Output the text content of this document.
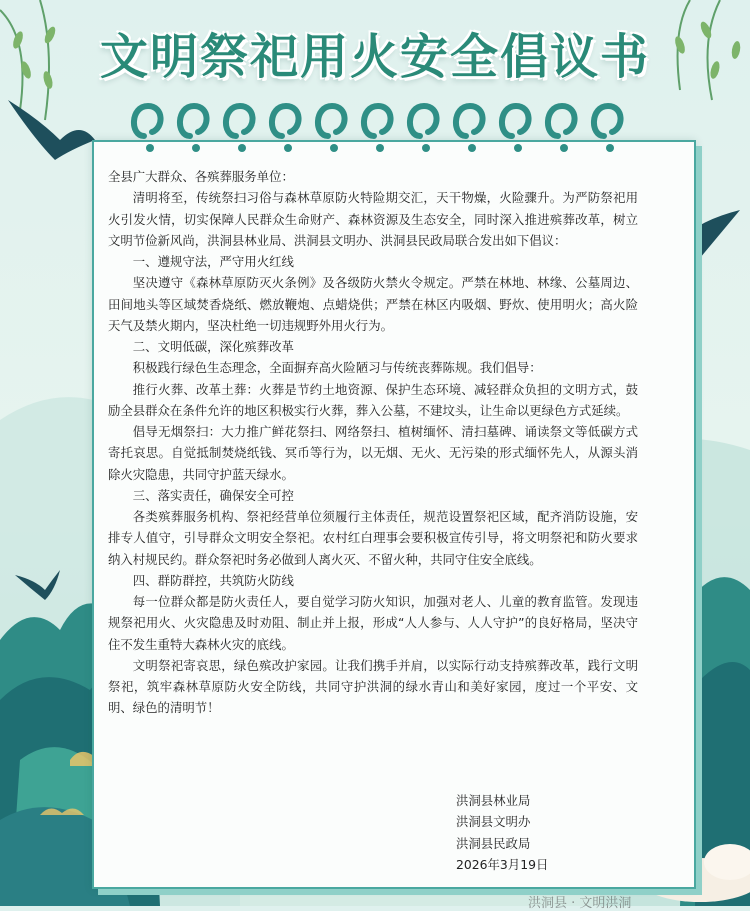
文明祭祀用火安全倡议书

全县广大群众、各殡葬服务单位：

清明将至，传统祭扫习俗与森林草原防火特险期交汇，天干物燥，火险骤升。为严防祭祀用火引发火情，切实保障人民群众生命财产、森林资源及生态安全，同时深入推进殡葬改革，树立文明节俭新风尚，洪洞县林业局、洪洞县文明办、洪洞县民政局联合发出如下倡议：

一、遵规守法，严守用火红线

坚决遵守《森林草原防灭火条例》及各级防火禁火令规定。严禁在林地、林缘、公墓周边、田间地头等区域焚香烧纸、燃放鞭炮、点蜡烧供；严禁在林区内吸烟、野炊、使用明火；高火险天气及禁火期内，坚决杜绝一切违规野外用火行为。

二、文明低碳，深化殡葬改革

积极践行绿色生态理念，全面摒弃高火险陋习与传统丧葬陈规。我们倡导：

推行火葬、改革土葬：火葬是节约土地资源、保护生态环境、减轻群众负担的文明方式，鼓励全县群众在条件允许的地区积极实行火葬，葬入公墓，不建坟头，让生命以更绿色方式延续。

倡导无烟祭扫：大力推广鲜花祭扫、网络祭扫、植树缅怀、清扫墓碑、诵读祭文等低碳方式寄托哀思。自觉抵制焚烧纸钱、冥币等行为，以无烟、无火、无污染的形式缅怀先人，从源头消除火灾隐患，共同守护蓝天绿水。

三、落实责任，确保安全可控

各类殡葬服务机构、祭祀经营单位须履行主体责任，规范设置祭祀区域，配齐消防设施，安排专人值守，引导群众文明安全祭祀。农村红白理事会要积极宣传引导，将文明祭祀和防火要求纳入村规民约。群众祭祀时务必做到人离火灭、不留火种，共同守住安全底线。

四、群防群控，共筑防火防线

每一位群众都是防火责任人，要自觉学习防火知识，加强对老人、儿童的教育监管。发现违规祭祀用火、火灾隐患及时劝阻、制止并上报，形成“人人参与、人人守护”的良好格局，坚决守住不发生重特大森林火灾的底线。

文明祭祀寄哀思，绿色殡改护家园。让我们携手并肩，以实际行动支持殡葬改革，践行文明祭祀，筑牢森林草原防火安全防线，共同守护洪洞的绿水青山和美好家园，度过一个平安、文明、绿色的清明节！

洪洞县林业局
洪洞县文明办
洪洞县民政局
2026年3月19日
洪洞县 · 文明洪洞
